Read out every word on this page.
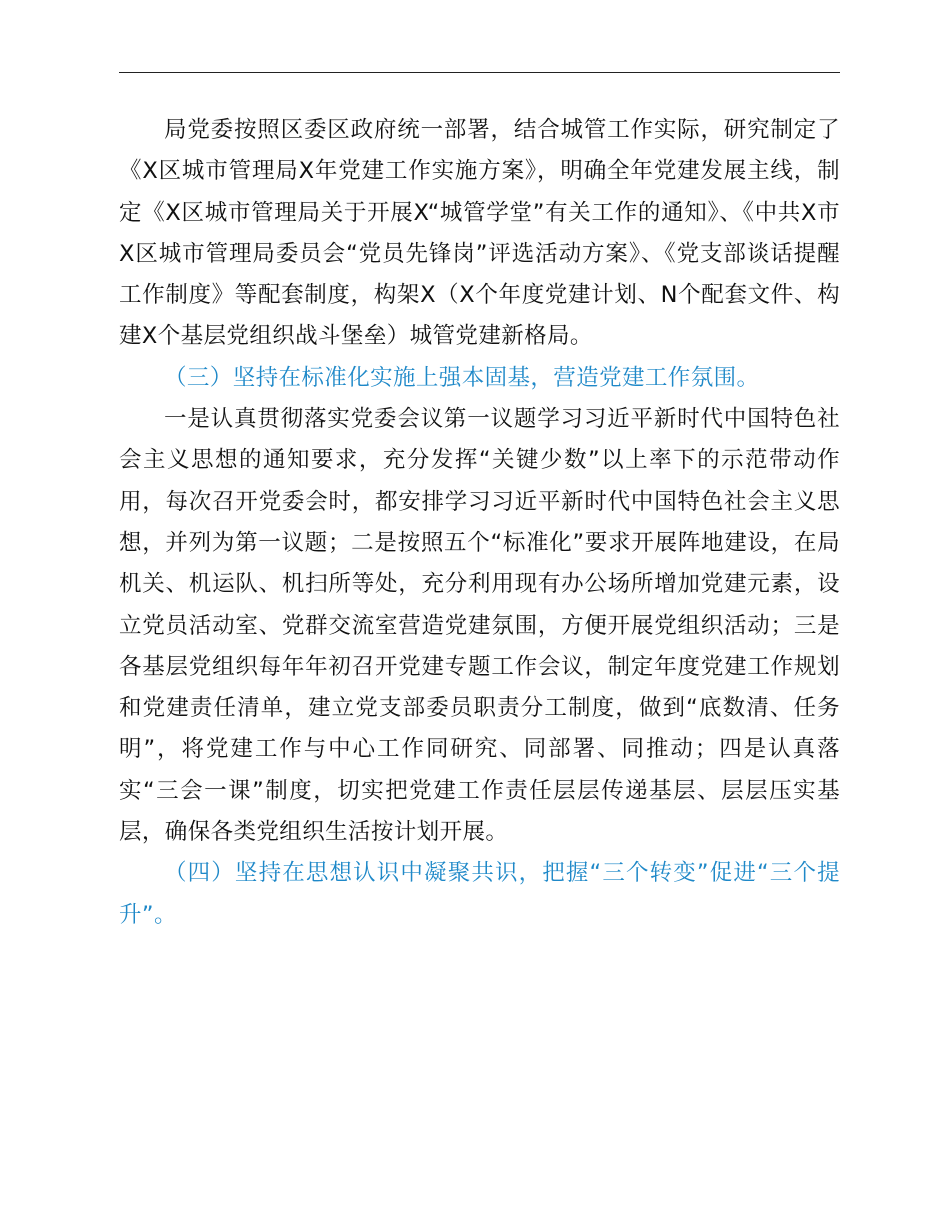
局党委按照区委区政府统一部署，结合城管工作实际，研究制定了《X区城市管理局X年党建工作实施方案》，明确全年党建发展主线，制定《X区城市管理局关于开展X“城管学堂”有关工作的通知》、《中共X市X区城市管理局委员会“党员先锋岗”评选活动方案》、《党支部谈话提醒工作制度》等配套制度，构架X（X个年度党建计划、N个配套文件、构建X个基层党组织战斗堡垒）城管党建新格局。

（三）坚持在标准化实施上强本固基，营造党建工作氛围。

一是认真贯彻落实党委会议第一议题学习习近平新时代中国特色社会主义思想的通知要求，充分发挥“关键少数”以上率下的示范带动作用，每次召开党委会时，都安排学习习近平新时代中国特色社会主义思想，并列为第一议题；二是按照五个“标准化”要求开展阵地建设，在局机关、机运队、机扫所等处，充分利用现有办公场所增加党建元素，设立党员活动室、党群交流室营造党建氛围，方便开展党组织活动；三是各基层党组织每年年初召开党建专题工作会议，制定年度党建工作规划和党建责任清单，建立党支部委员职责分工制度，做到“底数清、任务明”，将党建工作与中心工作同研究、同部署、同推动；四是认真落实“三会一课”制度，切实把党建工作责任层层传递基层、层层压实基层，确保各类党组织生活按计划开展。

（四）坚持在思想认识中凝聚共识，把握“三个转变”促进“三个提升”。
